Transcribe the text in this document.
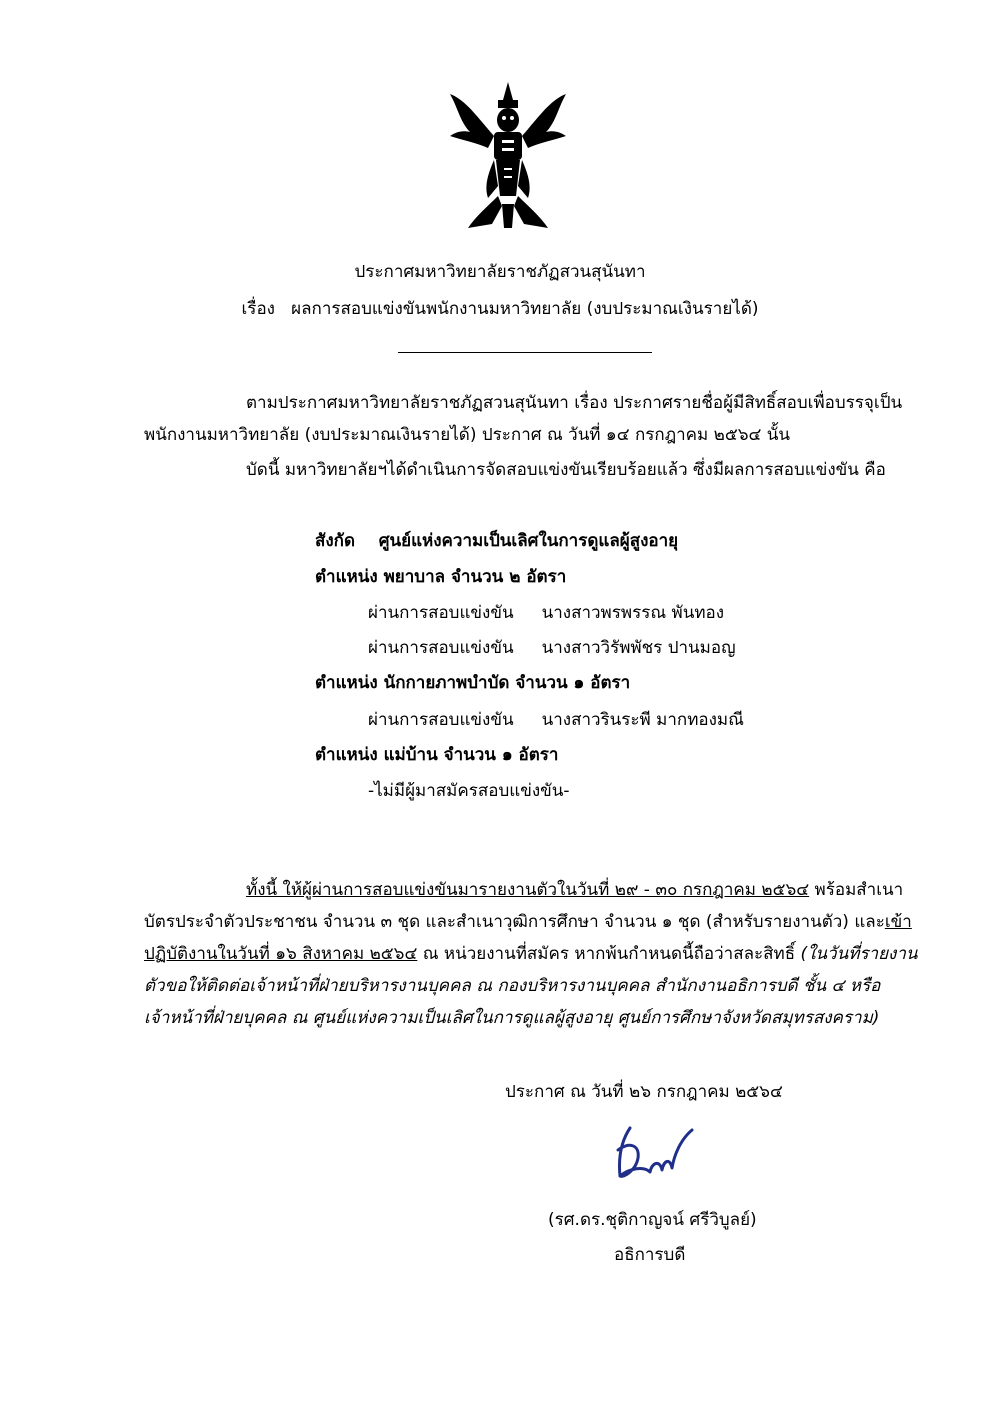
ประกาศมหาวิทยาลัยราชภัฏสวนสุนันทา
เรื่อง ผลการสอบแข่งขันพนักงานมหาวิทยาลัย (งบประมาณเงินรายได้)
ตามประกาศมหาวิทยาลัยราชภัฏสวนสุนันทา เรื่อง ประกาศรายชื่อผู้มีสิทธิ์สอบเพื่อบรรจุเป็น
พนักงานมหาวิทยาลัย (งบประมาณเงินรายได้) ประกาศ ณ วันที่ ๑๔ กรกฎาคม ๒๕๖๔ นั้น
บัดนี้ มหาวิทยาลัยฯได้ดำเนินการจัดสอบแข่งขันเรียบร้อยแล้ว ซึ่งมีผลการสอบแข่งขัน คือ
สังกัด ศูนย์แห่งความเป็นเลิศในการดูแลผู้สูงอายุ
ตำแหน่ง พยาบาล จำนวน ๒ อัตรา
ผ่านการสอบแข่งขัน นางสาวพรพรรณ พันทอง
ผ่านการสอบแข่งขัน นางสาววิรัพพัชร ปานมอญ
ตำแหน่ง นักกายภาพบำบัด จำนวน ๑ อัตรา
ผ่านการสอบแข่งขัน นางสาวรินระพี มากทองมณี
ตำแหน่ง แม่บ้าน จำนวน ๑ อัตรา
-ไม่มีผู้มาสมัครสอบแข่งขัน-
ทั้งนี้ ให้ผู้ผ่านการสอบแข่งขันมารายงานตัวในวันที่ ๒๙ - ๓๐ กรกฎาคม ๒๕๖๔ พร้อมสำเนา
บัตรประจำตัวประชาชน จำนวน ๓ ชุด และสำเนาวุฒิการศึกษา จำนวน ๑ ชุด (สำหรับรายงานตัว) และเข้า
ปฏิบัติงานในวันที่ ๑๖ สิงหาคม ๒๕๖๔ ณ หน่วยงานที่สมัคร หากพ้นกำหนดนี้ถือว่าสละสิทธิ์ (ในวันที่รายงาน
ตัวขอให้ติดต่อเจ้าหน้าที่ฝ่ายบริหารงานบุคคล ณ กองบริหารงานบุคคล สำนักงานอธิการบดี ชั้น ๔ หรือ
เจ้าหน้าที่ฝ่ายบุคคล ณ ศูนย์แห่งความเป็นเลิศในการดูแลผู้สูงอายุ ศูนย์การศึกษาจังหวัดสมุทรสงคราม)
ประกาศ ณ วันที่ ๒๖ กรกฎาคม ๒๕๖๔
(รศ.ดร.ชุติกาญจน์ ศรีวิบูลย์)
อธิการบดี
